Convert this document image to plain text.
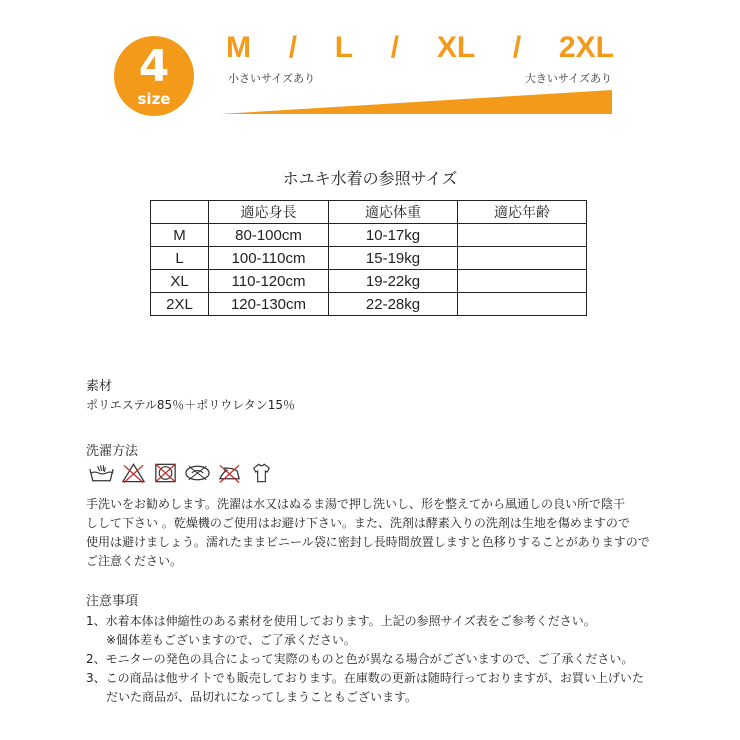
4
size
M / L / XL / 2XL
小さいサイズあり	大きいサイズあり
ホユキ水着の参照サイズ
	適応身長	適応体重	適応年齢
M	80-100cm	10-17kg	
L	100-110cm	15-19kg	
XL	110-120cm	19-22kg	
2XL	120-130cm	22-28kg	
素材
ポリエステル85％＋ポリウレタン15％
洗濯方法
手洗いをお勧めします。洗濯は水又はぬるま湯で押し洗いし、形を整えてから風通しの良い所で陰干
しして下さい 。乾燥機のご使用はお避け下さい。また、洗剤は酵素入りの洗剤は生地を傷めますので
使用は避けましょう。濡れたままビニール袋に密封し長時間放置しますと色移りすることがありますので
ご注意ください。
注意事項
1、水着本体は伸縮性のある素材を使用しております。上記の参照サイズ表をご参考ください。
※個体差もございますので、ご了承ください。
2、モニターの発色の具合によって実際のものと色が異なる場合がございますので、ご了承ください。
3、この商品は他サイトでも販売しております。在庫数の更新は随時行っておりますが、お買い上げいた
だいた商品が、品切れになってしまうこともございます。
